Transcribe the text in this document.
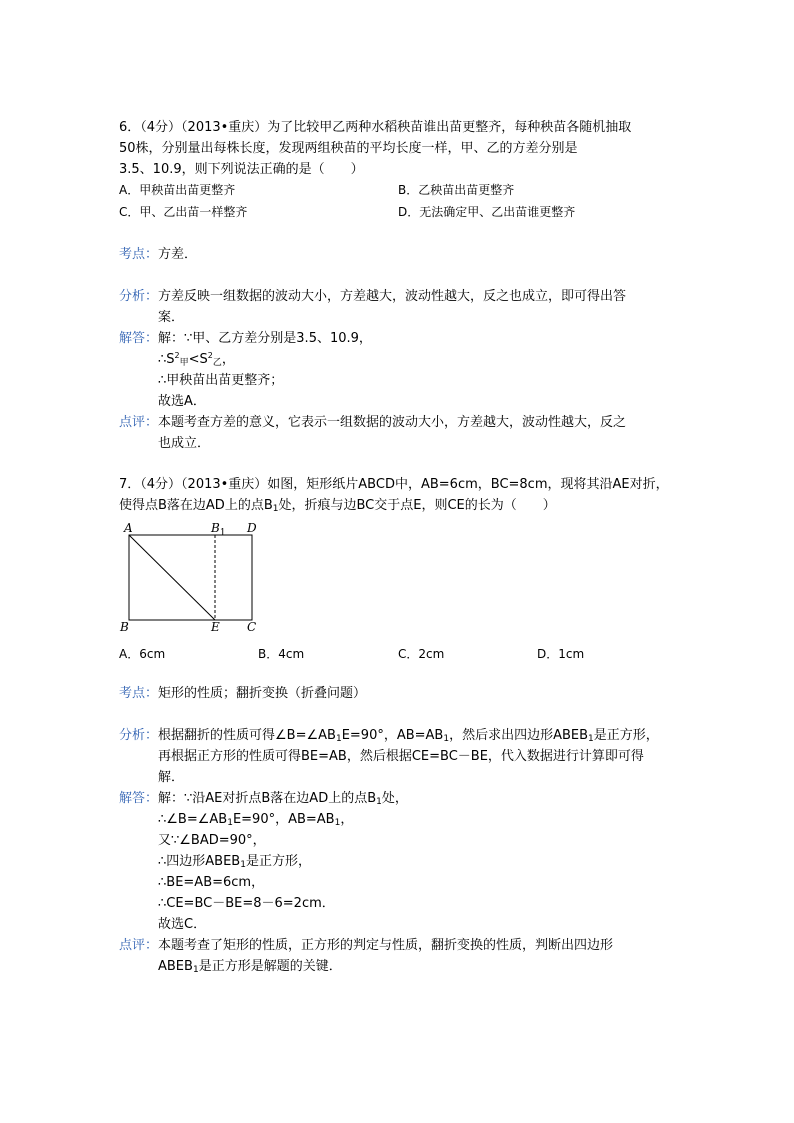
6．（4分）（2013•重庆）为了比较甲乙两种水稻秧苗谁出苗更整齐，每种秧苗各随机抽取
50株，分别量出每株长度，发现两组秧苗的平均长度一样，甲、乙的方差分别是
3.5、10.9，则下列说法正确的是（　　）
A．甲秧苗出苗更整齐	B．乙秧苗出苗更整齐
C．甲、乙出苗一样整齐	D．无法确定甲、乙出苗谁更整齐
考点：方差．
分析：方差反映一组数据的波动大小，方差越大，波动性越大，反之也成立，即可得出答
案．
解答：解：∵甲、乙方差分别是3.5、10.9，
$\therefore S^2_甲<S^2_乙$，
∴甲秧苗出苗更整齐；
故选A．
点评：本题考查方差的意义，它表示一组数据的波动大小，方差越大，波动性越大，反之
也成立．
7．（4分）（2013•重庆）如图，矩形纸片ABCD中，AB=6cm，BC=8cm，现将其沿AE对折，
使得点B落在边AD上的点$B_1$处，折痕与边BC交于点E，则CE的长为（　　）
A	$B_1$ D
B	E C
A．6cm	B．4cm	C．2cm	D．1cm
考点：矩形的性质；翻折变换（折叠问题）
分析：根据翻折的性质可得$\angle B=\angle AB_1E=90^\circ$，$AB=AB_1$，然后求出四边形$ABEB_1$是正方形，
再根据正方形的性质可得BE=AB，然后根据CE=BC－BE，代入数据进行计算即可得
解．
解答：解：∵沿AE对折点B落在边AD上的点$B_1$处，
$\therefore\angle B=\angle AB_1E=90^\circ$，$AB=AB_1$，
又∵∠BAD=90°，
∴四边形$ABEB_1$是正方形，
∴BE=AB=6cm，
∴CE=BC－BE=8－6=2cm．
故选C．
点评：本题考查了矩形的性质，正方形的判定与性质，翻折变换的性质，判断出四边形
$ABEB_1$是正方形是解题的关键．
